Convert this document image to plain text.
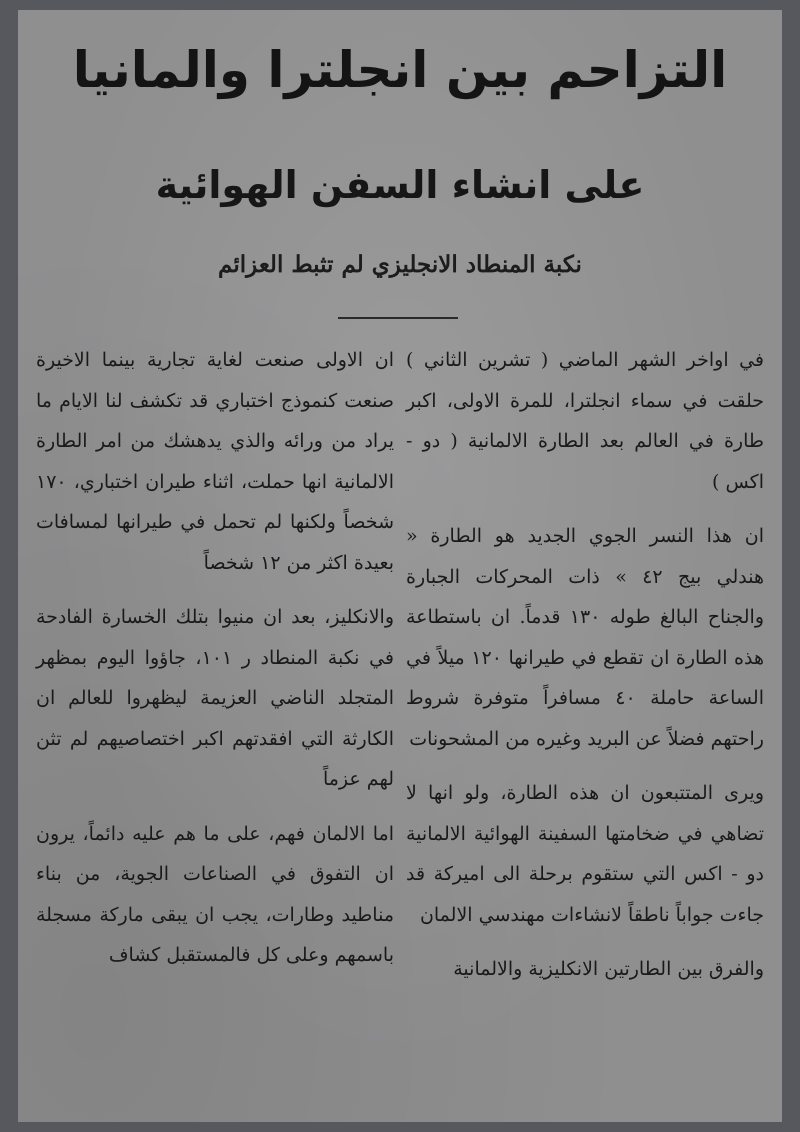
التزاحم بين انجلترا والمانيا
على انشاء السفن الهوائية
نكبة المنطاد الانجليزي لم تثبط العزائم

في اواخر الشهر الماضي ( تشرين الثاني ) حلقت في سماء انجلترا، للمرة الاولى، اكبر طارة في العالم بعد الطارة الالمانية ( دو - اكس )

ان هذا النسر الجوي الجديد هو الطارة « هندلي بيج ٤٢ » ذات المحركات الجبارة والجناح البالغ طوله ١٣٠ قدماً. ان باستطاعة هذه الطارة ان تقطع في طيرانها ١٢٠ ميلاً في الساعة حاملة ٤٠ مسافراً متوفرة شروط راحتهم فضلاً عن البريد وغيره من المشحونات

ويرى المتتبعون ان هذه الطارة، ولو انها لا تضاهي في ضخامتها السفينة الهوائية الالمانية دو - اكس التي ستقوم برحلة الى اميركة قد جاءت جواباً ناطقاً لانشاءات مهندسي الالمان

والفرق بين الطارتين الانكليزية والالمانية

ان الاولى صنعت لغاية تجارية بينما الاخيرة صنعت كنموذج اختباري قد تكشف لنا الايام ما يراد من ورائه والذي يدهشك من امر الطارة الالمانية انها حملت، اثناء طيران اختباري، ١٧٠ شخصاً ولكنها لم تحمل في طيرانها لمسافات بعيدة اكثر من ١٢ شخصاً

والانكليز، بعد ان منيوا بتلك الخسارة الفادحة في نكبة المنطاد ر ١٠١، جاؤوا اليوم بمظهر المتجلد الناضي العزيمة ليظهروا للعالم ان الكارثة التي افقدتهم اكبر اختصاصيهم لم تثن لهم عزماً

اما الالمان فهم، على ما هم عليه دائماً، يرون ان التفوق في الصناعات الجوية، من بناء مناطيد وطارات، يجب ان يبقى ماركة مسجلة باسمهم وعلى كل فالمستقبل كشاف
